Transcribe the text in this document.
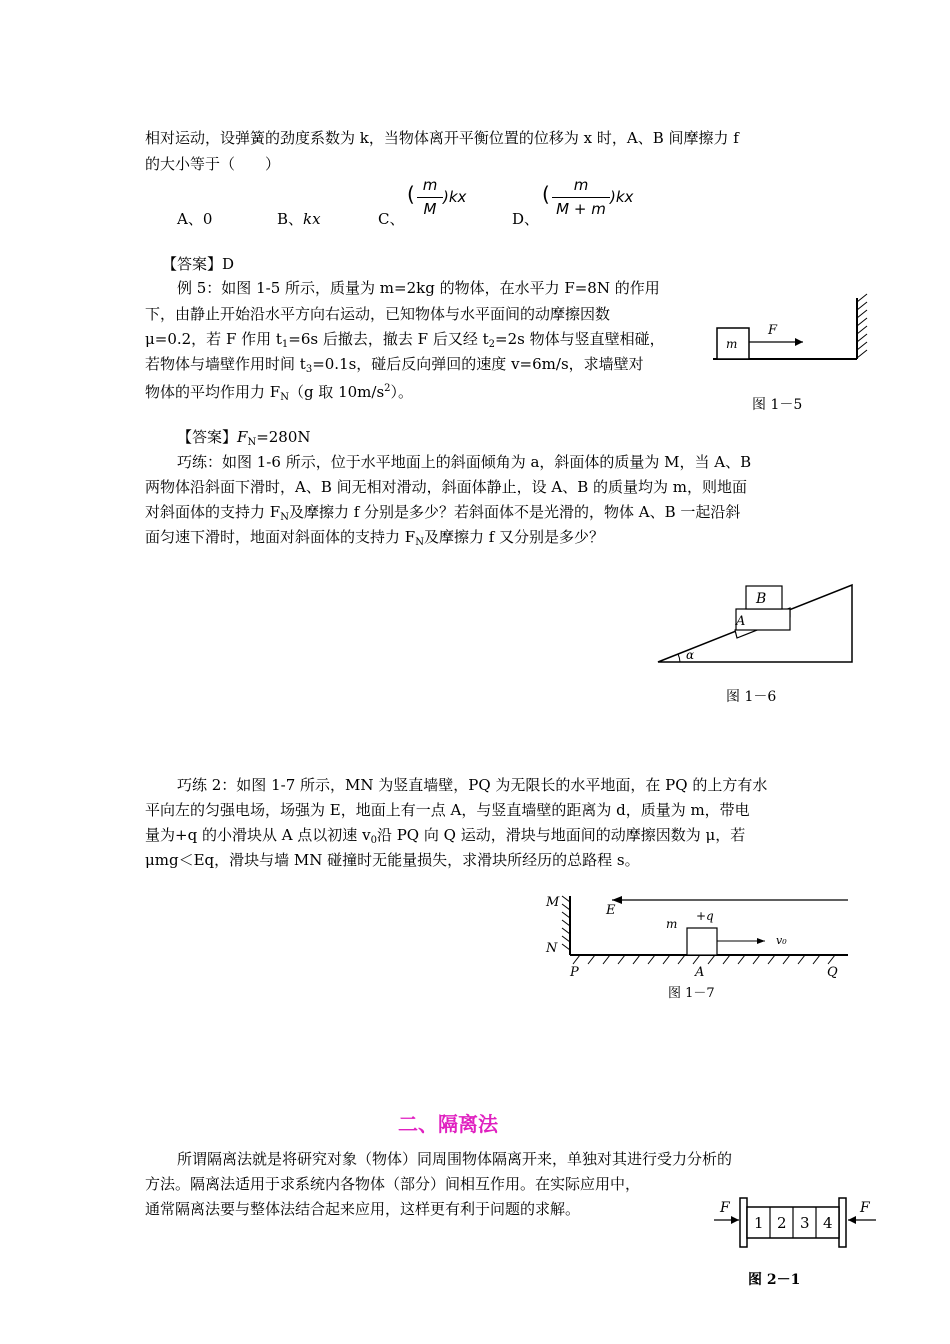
相对运动，设弹簧的劲度系数为 k，当物体离开平衡位置的位移为 x 时，A、B 间摩擦力 f
的大小等于（　　）
A、0	B、kx	C、
( m
M
)kx
D、
(	m
M + m
)kx
【答案】D
例 5：如图 1-5 所示，质量为 m=2kg 的物体，在水平力 F=8N 的作用
下，由静止开始沿水平方向右运动，已知物体与水平面间的动摩擦因数
μ=0.2，若 F 作用 $t_1=6s$ 后撤去，撤去 F 后又经 $t_2=2s$ 物体与竖直壁相碰，
若物体与墙壁作用时间 $t_3=0.1s$，碰后反向弹回的速度 v=6m/s，求墙壁对
物体的平均作用力 $F_N(g$ 取 $10m/s^2$）。
m
F
图 1－5
【答案】$F_N=280N$
巧练：如图 1-6 所示，位于水平地面上的斜面倾角为 a，斜面体的质量为 M，当 A、B
两物体沿斜面下滑时，A、B 间无相对滑动，斜面体静止，设 A、B 的质量均为 m，则地面
对斜面体的支持力 $F_N$及摩擦力 f 分别是多少？若斜面体不是光滑的，物体 A、B 一起沿斜
面匀速下滑时，地面对斜面体的支持力 $F_N$及摩擦力 f 又分别是多少？
A
B
α
图 1－6
巧练 2：如图 1-7 所示，MN 为竖直墙壁，PQ 为无限长的水平地面，在 PQ 的上方有水
平向左的匀强电场，场强为 E，地面上有一点 A，与竖直墙壁的距离为 d，质量为 m，带电
量为+q 的小滑块从 A 点以初速 $v_0$沿 PQ 向 Q 运动，滑块与地面间的动摩擦因数为 μ，若
μmg＜Eq，滑块与墙 MN 碰撞时无能量损失，求滑块所经历的总路程 s。
M
N
E
m
+q
v₀
P	A	Q
图 1－7
二、隔离法
所谓隔离法就是将研究对象（物体）同周围物体隔离开来，单独对其进行受力分析的
方法。隔离法适用于求系统内各物体（部分）间相互作用。在实际应用中，
通常隔离法要与整体法结合起来应用，这样更有利于问题的求解。
1 2 3 4
F	F
图 2－1
